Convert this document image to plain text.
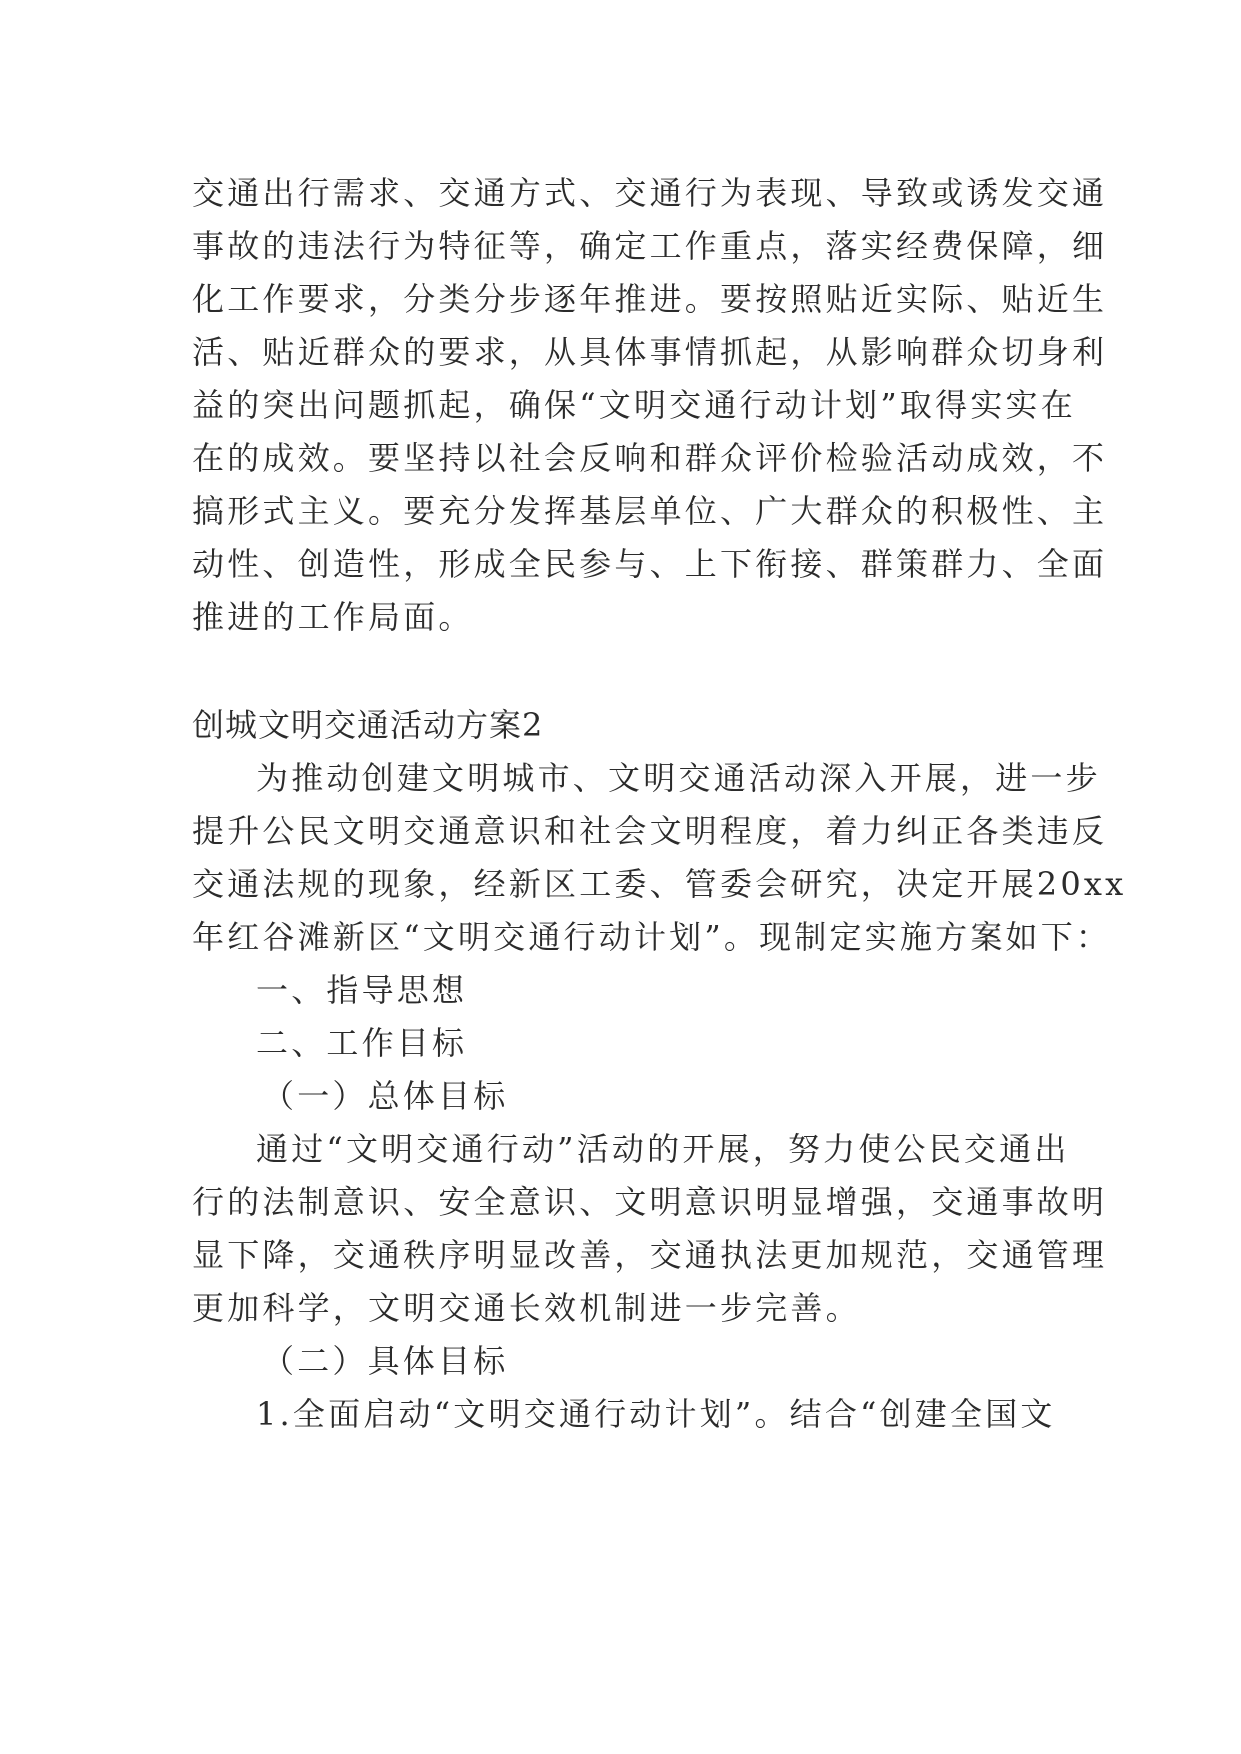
交通出行需求、交通方式、交通行为表现、导致或诱发交通
事故的违法行为特征等，确定工作重点，落实经费保障，细
化工作要求，分类分步逐年推进。要按照贴近实际、贴近生
活、贴近群众的要求，从具体事情抓起，从影响群众切身利
益的突出问题抓起，确保“文明交通行动计划”取得实实在
在的成效。要坚持以社会反响和群众评价检验活动成效，不
搞形式主义。要充分发挥基层单位、广大群众的积极性、主
动性、创造性，形成全民参与、上下衔接、群策群力、全面
推进的工作局面。
创城文明交通活动方案2
为推动创建文明城市、文明交通活动深入开展，进一步
提升公民文明交通意识和社会文明程度，着力纠正各类违反
交通法规的现象，经新区工委、管委会研究，决定开展20xx
年红谷滩新区“文明交通行动计划”。现制定实施方案如下：
一、指导思想
二、工作目标
（一）总体目标
通过“文明交通行动”活动的开展，努力使公民交通出
行的法制意识、安全意识、文明意识明显增强，交通事故明
显下降，交通秩序明显改善，交通执法更加规范，交通管理
更加科学，文明交通长效机制进一步完善。
（二）具体目标
1.全面启动“文明交通行动计划”。结合“创建全国文
